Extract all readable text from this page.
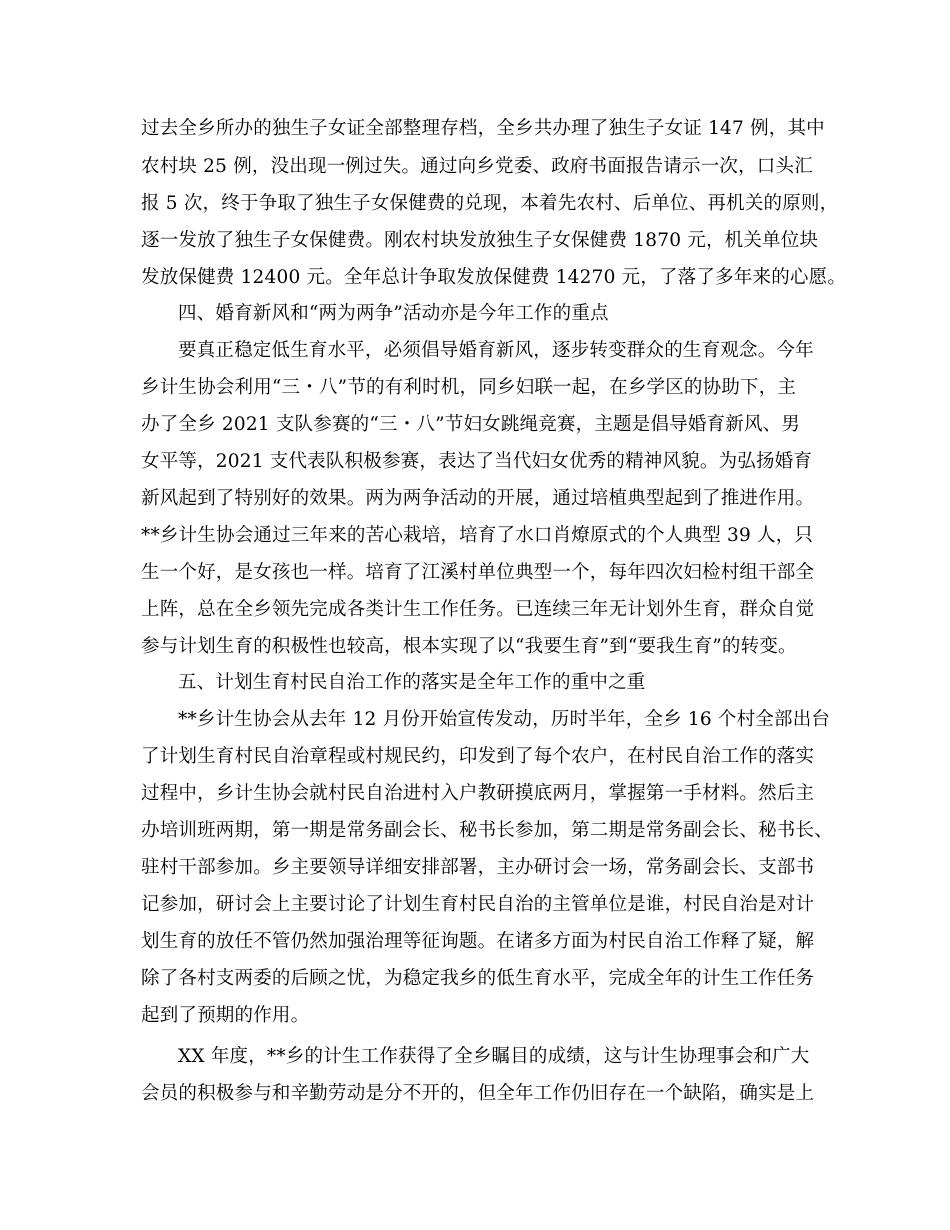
过去全乡所办的独生子女证全部整理存档，全乡共办理了独生子女证 147 例，其中
农村块 25 例，没出现一例过失。通过向乡党委、政府书面报告请示一次，口头汇
报 5 次，终于争取了独生子女保健费的兑现，本着先农村、后单位、再机关的原则，
逐一发放了独生子女保健费。刚农村块发放独生子女保健费 1870 元，机关单位块
发放保健费 12400 元。全年总计争取发放保健费 14270 元，了落了多年来的心愿。
四、婚育新风和“两为两争”活动亦是今年工作的重点
要真正稳定低生育水平，必须倡导婚育新风，逐步转变群众的生育观念。今年
乡计生协会利用“三・八”节的有利时机，同乡妇联一起，在乡学区的协助下，主
办了全乡 2021 支队参赛的“三・八”节妇女跳绳竞赛，主题是倡导婚育新风、男
女平等，2021 支代表队积极参赛，表达了当代妇女优秀的精神风貌。为弘扬婚育
新风起到了特别好的效果。两为两争活动的开展，通过培植典型起到了推进作用。
**乡计生协会通过三年来的苦心栽培，培育了水口肖燎原式的个人典型 39 人，只
生一个好，是女孩也一样。培育了江溪村单位典型一个，每年四次妇检村组干部全
上阵，总在全乡领先完成各类计生工作任务。已连续三年无计划外生育，群众自觉
参与计划生育的积极性也较高，根本实现了以“我要生育”到“要我生育”的转变。
五、计划生育村民自治工作的落实是全年工作的重中之重
**乡计生协会从去年 12 月份开始宣传发动，历时半年，全乡 16 个村全部出台
了计划生育村民自治章程或村规民约，印发到了每个农户，在村民自治工作的落实
过程中，乡计生协会就村民自治进村入户教研摸底两月，掌握第一手材料。然后主
办培训班两期，第一期是常务副会长、秘书长参加，第二期是常务副会长、秘书长、
驻村干部参加。乡主要领导详细安排部署，主办研讨会一场，常务副会长、支部书
记参加，研讨会上主要讨论了计划生育村民自治的主管单位是谁，村民自治是对计
划生育的放任不管仍然加强治理等征询题。在诸多方面为村民自治工作释了疑，解
除了各村支两委的后顾之忧，为稳定我乡的低生育水平，完成全年的计生工作任务
起到了预期的作用。
XX 年度，**乡的计生工作获得了全乡瞩目的成绩，这与计生协理事会和广大
会员的积极参与和辛勤劳动是分不开的，但全年工作仍旧存在一个缺陷，确实是上
